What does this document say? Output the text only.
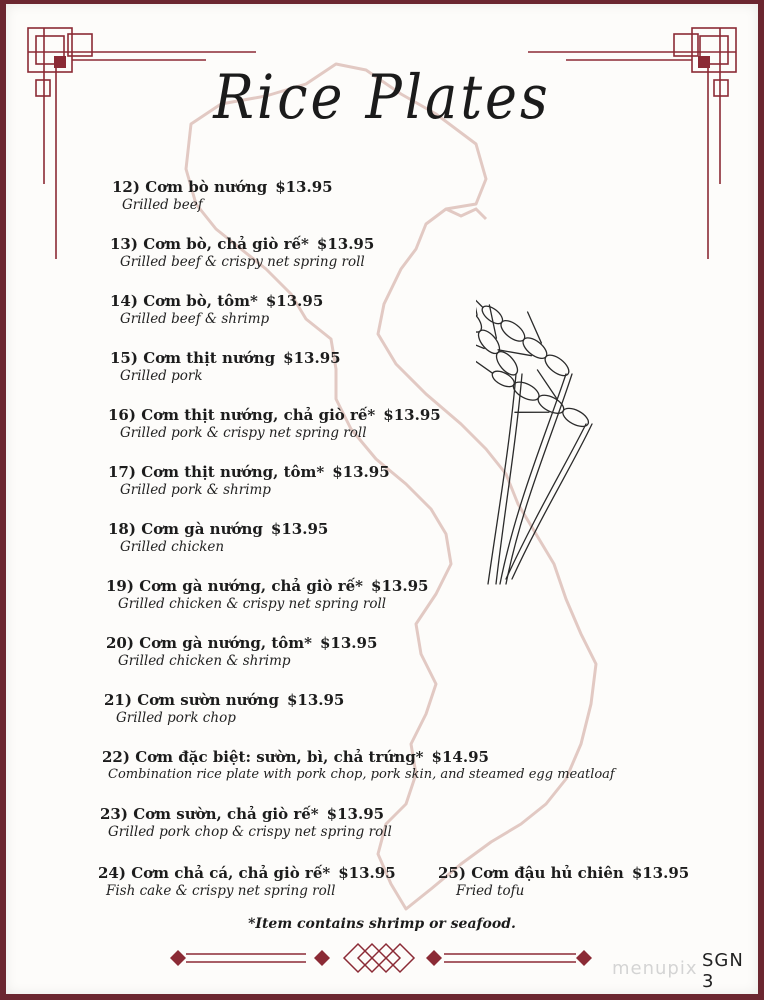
Rice Plates
12) Cơm bò nướng $13.95
Grilled beef
13) Cơm bò, chả giò rế* $13.95
Grilled beef & crispy net spring roll
14) Cơm bò, tôm* $13.95
Grilled beef & shrimp
15) Cơm thịt nướng $13.95
Grilled pork
16) Cơm thịt nướng, chả giò rế* $13.95
Grilled pork & crispy net spring roll
17) Cơm thịt nướng, tôm* $13.95
Grilled pork & shrimp
18) Cơm gà nướng $13.95
Grilled chicken
19) Cơm gà nướng, chả giò rế* $13.95
Grilled chicken & crispy net spring roll
20) Cơm gà nướng, tôm* $13.95
Grilled chicken & shrimp
21) Cơm sườn nướng $13.95
Grilled pork chop
22) Cơm đặc biệt: sườn, bì, chả trứng* $14.95
Combination rice plate with pork chop, pork skin, and steamed egg meatloaf
23) Cơm sườn, chả giò rế* $13.95
Grilled pork chop & crispy net spring roll
24) Cơm chả cá, chả giò rế* $13.95
Fish cake & crispy net spring roll
25) Cơm đậu hủ chiên $13.95
Fried tofu
*Item contains shrimp or seafood.
menupix SGN 3
